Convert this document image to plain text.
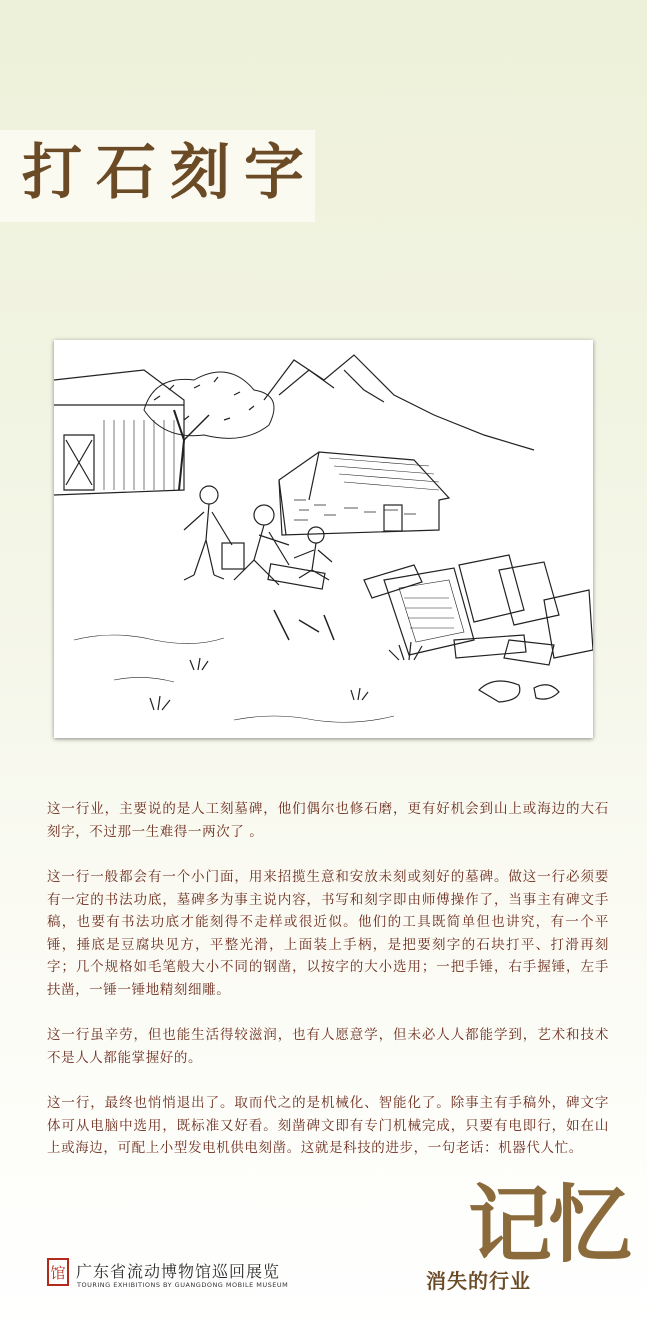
打石刻字

这一行业，主要说的是人工刻墓碑，他们偶尔也修石磨，更有好机会到山上或海边的大石刻字，不过那一生难得一两次了 。

这一行一般都会有一个小门面，用来招揽生意和安放未刻或刻好的墓碑。做这一行必须要有一定的书法功底，墓碑多为事主说内容，书写和刻字即由师傅操作了，当事主有碑文手稿，也要有书法功底才能刻得不走样或很近似。他们的工具既简单但也讲究，有一个平锤，捶底是豆腐块见方，平整光滑，上面装上手柄，是把要刻字的石块打平、打滑再刻字；几个规格如毛笔般大小不同的钢凿，以按字的大小选用；一把手锤，右手握锤，左手扶凿，一锤一锤地精刻细雕。

这一行虽辛劳，但也能生活得较滋润，也有人愿意学，但未必人人都能学到，艺术和技术不是人人都能掌握好的。

这一行，最终也悄悄退出了。取而代之的是机械化、智能化了。除事主有手稿外，碑文字体可从电脑中选用，既标准又好看。刻凿碑文即有专门机械完成，只要有电即行，如在山上或海边，可配上小型发电机供电刻凿。这就是科技的进步，一句老话：机器代人忙。

馆 广东省流动博物馆巡回展览
TOURING EXHIBITIONS BY GUANGDONG MOBILE MUSEUM
记忆
消失的行业
